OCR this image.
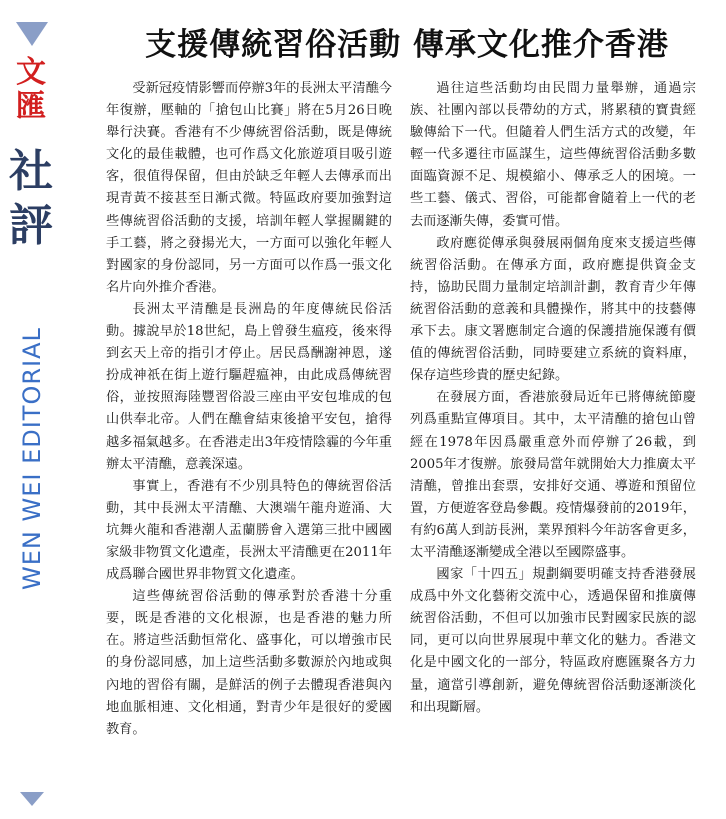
文
匯
社
評
WEN WEI EDITORIAL
支援傳統習俗活動 傳承文化推介香港

受新冠疫情影響而停辦3年的長洲太平清醮今年復辦，壓軸的「搶包山比賽」將在5月26日晚舉行決賽。香港有不少傳統習俗活動，既是傳統文化的最佳載體，也可作爲文化旅遊項目吸引遊客，很值得保留，但由於缺乏年輕人去傳承而出現青黃不接甚至日漸式微。特區政府要加強對這些傳統習俗活動的支援，培訓年輕人掌握關鍵的手工藝，將之發揚光大，一方面可以強化年輕人對國家的身份認同，另一方面可以作爲一張文化名片向外推介香港。

長洲太平清醮是長洲島的年度傳統民俗活動。據說早於18世紀，島上曾發生瘟疫，後來得到玄天上帝的指引才停止。居民爲酬謝神恩，遂扮成神祇在街上遊行驅趕瘟神，由此成爲傳統習俗，並按照海陸豐習俗設三座由平安包堆成的包山供奉北帝。人們在醮會結束後搶平安包，搶得越多福氣越多。在香港走出3年疫情陰霾的今年重辦太平清醮，意義深遠。

事實上，香港有不少別具特色的傳統習俗活動，其中長洲太平清醮、大澳端午龍舟遊涌、大坑舞火龍和香港潮人盂蘭勝會入選第三批中國國家級非物質文化遺產，長洲太平清醮更在2011年成爲聯合國世界非物質文化遺產。

這些傳統習俗活動的傳承對於香港十分重要，既是香港的文化根源，也是香港的魅力所在。將這些活動恒常化、盛事化，可以增強市民的身份認同感，加上這些活動多數源於內地或與內地的習俗有關，是鮮活的例子去體現香港與內地血脈相連、文化相通，對青少年是很好的愛國教育。

過往這些活動均由民間力量舉辦，通過宗族、社團內部以長帶幼的方式，將累積的寶貴經驗傳給下一代。但隨着人們生活方式的改變，年輕一代多遷往市區謀生，這些傳統習俗活動多數面臨資源不足、規模縮小、傳承乏人的困境。一些工藝、儀式、習俗，可能都會隨着上一代的老去而逐漸失傳，委實可惜。

政府應從傳承與發展兩個角度來支援這些傳統習俗活動。在傳承方面，政府應提供資金支持，協助民間力量制定培訓計劃，教育青少年傳統習俗活動的意義和具體操作，將其中的技藝傳承下去。康文署應制定合適的保護措施保護有價值的傳統習俗活動，同時要建立系統的資料庫，保存這些珍貴的歷史紀錄。

在發展方面，香港旅發局近年已將傳統節慶列爲重點宣傳項目。其中，太平清醮的搶包山曾經在1978年因爲嚴重意外而停辦了26載，到2005年才復辦。旅發局當年就開始大力推廣太平清醮，曾推出套票，安排好交通、導遊和預留位置，方便遊客登島參觀。疫情爆發前的2019年，有約6萬人到訪長洲，業界預料今年訪客會更多，太平清醮逐漸變成全港以至國際盛事。

國家「十四五」規劃綱要明確支持香港發展成爲中外文化藝術交流中心，透過保留和推廣傳統習俗活動，不但可以加強市民對國家民族的認同，更可以向世界展現中華文化的魅力。香港文化是中國文化的一部分，特區政府應匯聚各方力量，適當引導創新，避免傳統習俗活動逐漸淡化和出現斷層。
